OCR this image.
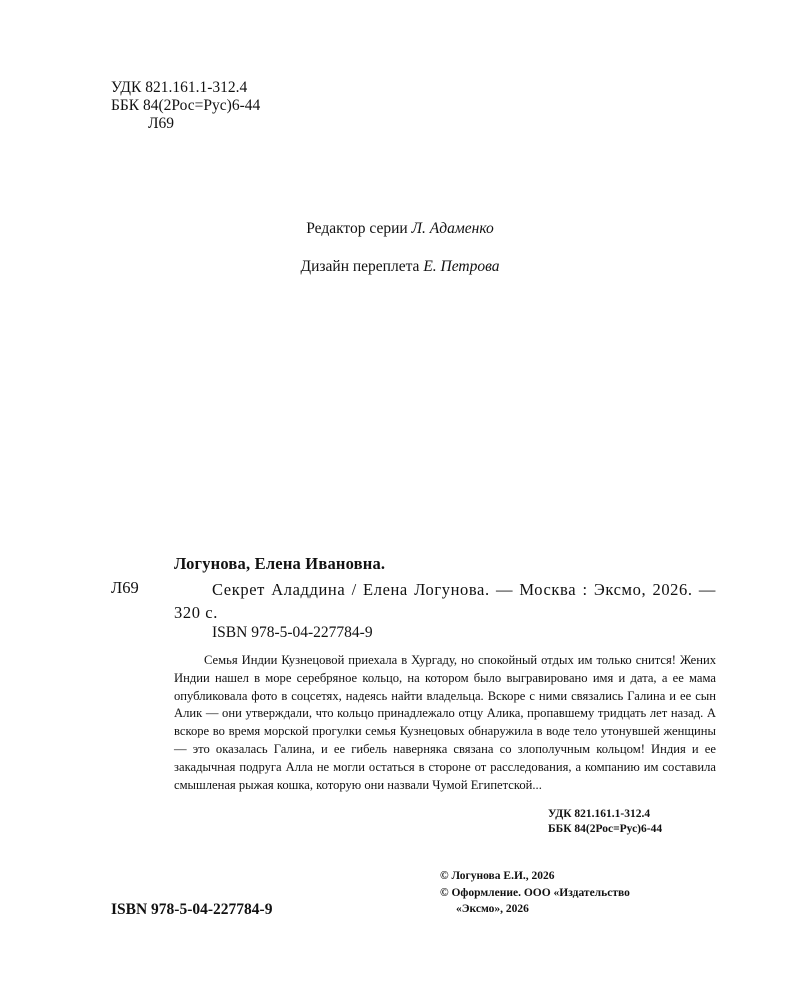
УДК 821.161.1-312.4
ББК 84(2Рос=Рус)6-44
Л69
Редактор серии Л. Адаменко
Дизайн переплета Е. Петрова
Логунова, Елена Ивановна.
Л69	Секрет Аладдина / Елена Логунова. — Москва : Эксмо, 2026. — 320 с.
ISBN 978-5-04-227784-9
Семья Индии Кузнецовой приехала в Хургаду, но спокойный отдых им только снится! Жених Индии нашел в море серебряное кольцо, на котором было выгравировано имя и дата, а ее мама опубликовала фото в соцсетях, надеясь найти владельца. Вскоре с ними связались Галина и ее сын Алик — они утверждали, что кольцо принадлежало отцу Алика, пропавшему тридцать лет назад. А вскоре во время морской прогулки семья Кузнецовых обнаружила в воде тело утонувшей женщины — это оказалась Галина, и ее гибель наверняка связана со злополучным кольцом! Индия и ее закадычная подруга Алла не могли остаться в стороне от расследования, а компанию им составила смышленая рыжая кошка, которую они назвали Чумой Египетской...
УДК 821.161.1-312.4
ББК 84(2Рос=Рус)6-44
ISBN 978-5-04-227784-9
© Логунова Е.И., 2026
© Оформление. ООО «Издательство
«Эксмо», 2026
